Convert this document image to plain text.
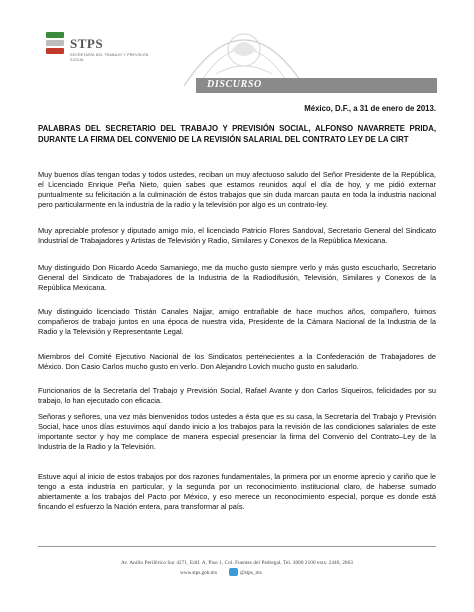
STPS
SECRETARÍA DEL TRABAJO Y PREVISIÓN SOCIAL
DISCURSO
México, D.F., a 31 de enero de 2013.
PALABRAS DEL SECRETARIO DEL TRABAJO Y PREVISIÓN SOCIAL, ALFONSO NAVARRETE PRIDA, DURANTE LA FIRMA DEL CONVENIO DE LA REVISIÓN SALARIAL DEL CONTRATO LEY DE LA CIRT

Muy buenos días tengan todas y todos ustedes, reciban un muy afectuoso saludo del Señor Presidente de la República, el Licenciado Enrique Peña Nieto, quien sabes que estamos reunidos aquí el día de hoy, y me pidió externar puntualmente su felicitación a la culminación de éstos trabajos que sin duda marcan pauta en toda la industria nacional pero particularmente en la industria de la radio y la televisión por algo es un contrato-ley.

Muy apreciable profesor y diputado amigo mío, el licenciado Patricio Flores Sandoval, Secretario General del Sindicato Industrial de Trabajadores y Artistas de Televisión y Radio, Similares y Conexos de la República Mexicana.

Muy distinguido Don Ricardo Acedo Samaniego, me da mucho gusto siempre verlo y más gusto escucharlo, Secretario General del Sindicato de Trabajadores de la Industria de la Radiodifusión, Televisión, Similares y Conexos de la República Mexicana.

Muy distinguido licenciado Tristán Canales Najjar, amigo entrañable de hace muchos años, compañero, fuimos compañeros de trabajo juntos en una época de nuestra vida, Presidente de la Cámara Nacional de la Industria de la Radio y la Televisión y Representante Legal.

Miembros del Comité Ejecutivo Nacional de los Sindicatos pertenecientes a la Confederación de Trabajadores de México. Don Casio Carlos mucho gusto en verlo. Don Alejandro Lovich mucho gusto en saludarlo.

Funcionarios de la Secretaría del Trabajo y Previsión Social, Rafael Avante y don Carlos Siqueiros, felicidades por su trabajo, lo han ejecutado con eficacia.

Señoras y señores, una vez más bienvenidos todos ustedes a ésta que es su casa, la Secretaría del Trabajo y Previsión Social, hace unos días estuvimos aquí dando inicio a los trabajos para la revisión de las condiciones salariales de este importante sector y hoy me complace de manera especial presenciar la firma del Convenio del Contrato–Ley de la Industria de la Radio y la Televisión.

Estuve aquí al inicio de estos trabajos por dos razones fundamentales, la primera por un enorme aprecio y cariño que le tengo a esta industria en particular, y la segunda por un reconocimiento institucional claro, de haberse sumado abiertamente a los trabajos del Pacto por México, y eso merece un reconocimiento especial, porque es donde está fincando el esfuerzo la Nación entera, para transformar al país.

Av. Anillo Periférico Sur 4271, Edif. A, Piso 1, Col. Fuentes del Pedregal, Tel. 3000 2100 exts. 2446, 2063
www.stps.gob.mx	@stps_mx
